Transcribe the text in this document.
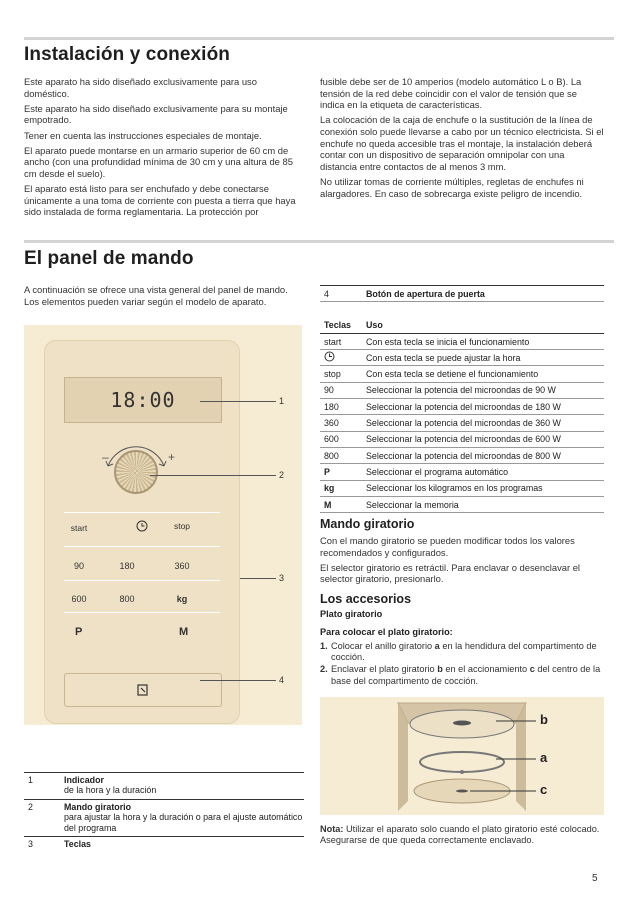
Instalación y conexión

Este aparato ha sido diseñado exclusivamente para uso doméstico.

Este aparato ha sido diseñado exclusivamente para su montaje empotrado.

Tener en cuenta las instrucciones especiales de montaje.

El aparato puede montarse en un armario superior de 60 cm de ancho (con una profundidad mínima de 30 cm y una altura de 85 cm desde el suelo).

El aparato está listo para ser enchufado y debe conectarse únicamente a una toma de corriente con puesta a tierra que haya sido instalada de forma reglamentaria. La protección por

fusible debe ser de 10 amperios (modelo automático L o B). La tensión de la red debe coincidir con el valor de tensión que se indica en la etiqueta de características.

La colocación de la caja de enchufe o la sustitución de la línea de conexión solo puede llevarse a cabo por un técnico electricista. Si el enchufe no queda accesible tras el montaje, la instalación deberá contar con un dispositivo de separación omnipolar con una distancia entre contactos de al menos 3 mm.

No utilizar tomas de corriente múltiples, regletas de enchufes ni alargadores. En caso de sobrecarga existe peligro de incendio.

El panel de mando
A continuación se ofrece una vista general del panel de mando. Los elementos pueden variar según el modelo de aparato.
18:00
–	+
start	stop
90	180	360
600	800	kg
P	M
1
2
3
4
1	Indicador
de la hora y la duración
2	Mando giratorio
para ajustar la hora y la duración o para el ajuste automático del programa
3	Teclas
4	Botón de apertura de puerta

Teclas	Uso
start	Con esta tecla se inicia el funcionamiento
	Con esta tecla se puede ajustar la hora
stop	Con esta tecla se detiene el funcionamiento
90	Seleccionar la potencia del microondas de 90 W
180	Seleccionar la potencia del microondas de 180 W
360	Seleccionar la potencia del microondas de 360 W
600	Seleccionar la potencia del microondas de 600 W
800	Seleccionar la potencia del microondas de 800 W
P	Seleccionar el programa automático
kg	Seleccionar los kilogramos en los programas
M	Seleccionar la memoria
Mando giratorio

Con el mando giratorio se pueden modificar todos los valores recomendados y configurados.

El selector giratorio es retráctil. Para enclavar o desenclavar el selector giratorio, presionarlo.

Los accesorios
Plato giratorio
Para colocar el plato giratorio:
1. Colocar el anillo giratorio a en la hendidura del compartimento de cocción.
2. Enclavar el plato giratorio b en el accionamiento c del centro de la base del compartimento de cocción.
b
a
c
Nota: Utilizar el aparato solo cuando el plato giratorio esté colocado. Asegurarse de que queda correctamente enclavado.
5
